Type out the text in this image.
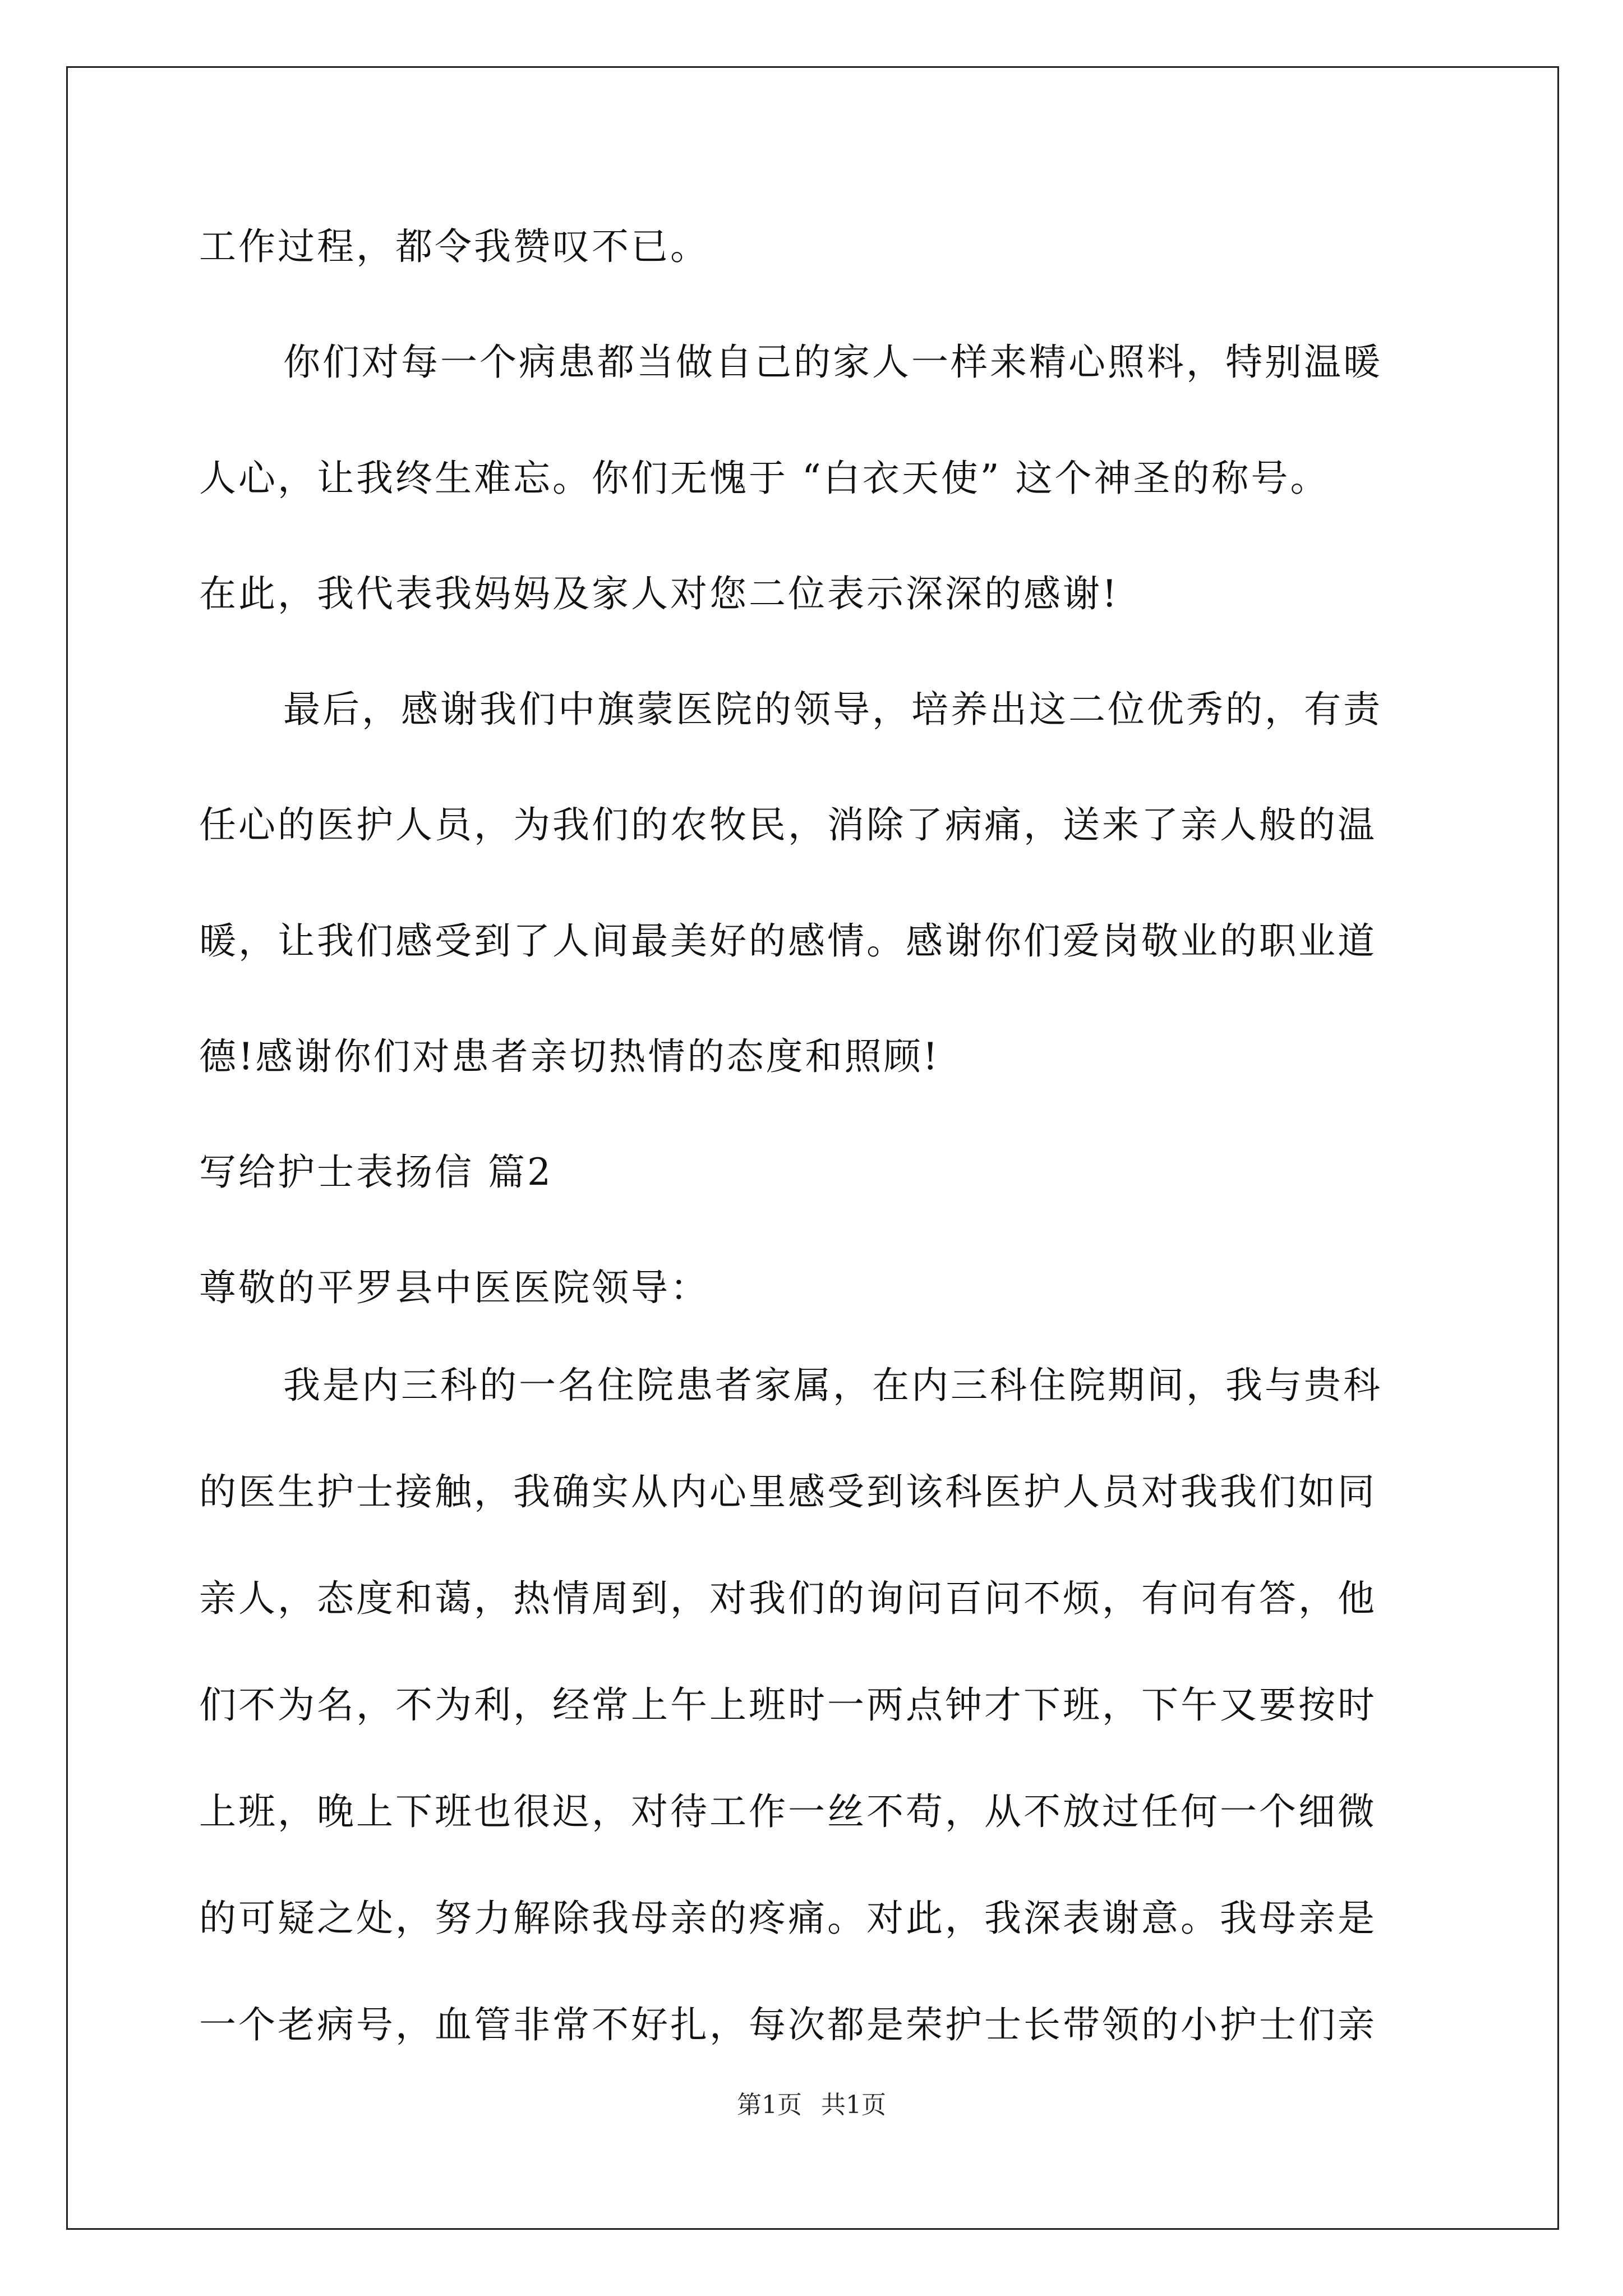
工作过程，都令我赞叹不已。
你们对每一个病患都当做自己的家人一样来精心照料，特别温暖
人心，让我终生难忘。你们无愧于 “白衣天使” 这个神圣的称号。
在此，我代表我妈妈及家人对您二位表示深深的感谢!
最后，感谢我们中旗蒙医院的领导，培养出这二位优秀的，有责
任心的医护人员，为我们的农牧民，消除了病痛，送来了亲人般的温
暖，让我们感受到了人间最美好的感情。感谢你们爱岗敬业的职业道
德!感谢你们对患者亲切热情的态度和照顾!
写给护士表扬信 篇2
尊敬的平罗县中医医院领导：
我是内三科的一名住院患者家属，在内三科住院期间，我与贵科
的医生护士接触，我确实从内心里感受到该科医护人员对我我们如同
亲人，态度和蔼，热情周到，对我们的询问百问不烦，有问有答，他
们不为名，不为利，经常上午上班时一两点钟才下班，下午又要按时
上班，晚上下班也很迟，对待工作一丝不苟，从不放过任何一个细微
的可疑之处，努力解除我母亲的疼痛。对此，我深表谢意。我母亲是
一个老病号，血管非常不好扎，每次都是荣护士长带领的小护士们亲
第1页 共1页
